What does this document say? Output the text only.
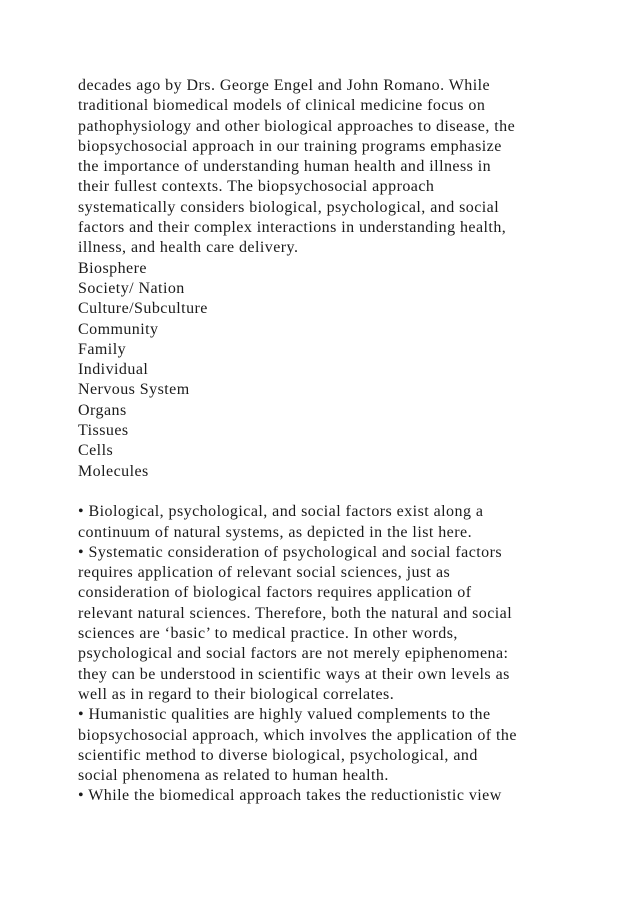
decades ago by Drs. George Engel and John Romano. While
traditional biomedical models of clinical medicine focus on
pathophysiology and other biological approaches to disease, the
biopsychosocial approach in our training programs emphasize
the importance of understanding human health and illness in
their fullest contexts. The biopsychosocial approach
systematically considers biological, psychological, and social
factors and their complex interactions in understanding health,
illness, and health care delivery.
Biosphere
Society/ Nation
Culture/Subculture
Community
Family
Individual
Nervous System
Organs
Tissues
Cells
Molecules
• Biological, psychological, and social factors exist along a
continuum of natural systems, as depicted in the list here.
• Systematic consideration of psychological and social factors
requires application of relevant social sciences, just as
consideration of biological factors requires application of
relevant natural sciences. Therefore, both the natural and social
sciences are ‘basic’ to medical practice. In other words,
psychological and social factors are not merely epiphenomena:
they can be understood in scientific ways at their own levels as
well as in regard to their biological correlates.
• Humanistic qualities are highly valued complements to the
biopsychosocial approach, which involves the application of the
scientific method to diverse biological, psychological, and
social phenomena as related to human health.
• While the biomedical approach takes the reductionistic view
